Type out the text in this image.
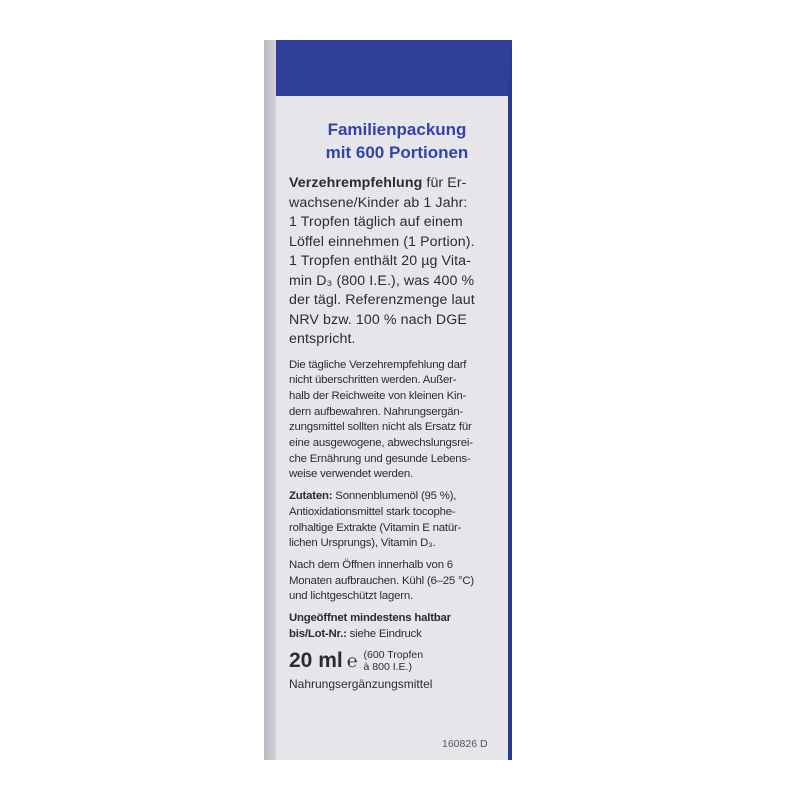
Familienpackung
mit 600 Portionen
Verzehrempfehlung für Er-
wachsene/Kinder ab 1 Jahr:
1 Tropfen täglich auf einem
Löffel einnehmen (1 Portion).
1 Tropfen enthält 20 µg Vita-
min D₃ (800 I.E.), was 400 %
der tägl. Referenzmenge laut
NRV bzw. 100 % nach DGE
entspricht.
Die tägliche Verzehrempfehlung darf
nicht überschritten werden. Außer-
halb der Reichweite von kleinen Kin-
dern aufbewahren. Nahrungsergän-
zungsmittel sollten nicht als Ersatz für
eine ausgewogene, abwechslungsrei-
che Ernährung und gesunde Lebens-
weise verwendet werden.
Zutaten: Sonnenblumenöl (95 %),
Antioxidationsmittel stark tocophe-
rolhaltige Extrakte (Vitamin E natür-
lichen Ursprungs), Vitamin D₃.
Nach dem Öffnen innerhalb von 6
Monaten aufbrauchen. Kühl (6–25 °C)
und lichtgeschützt lagern.
Ungeöffnet mindestens haltbar
bis/Lot-Nr.: siehe Eindruck
20 ml ℮ (600 Tropfen
à 800 I.E.)
Nahrungsergänzungsmittel
160826 D
